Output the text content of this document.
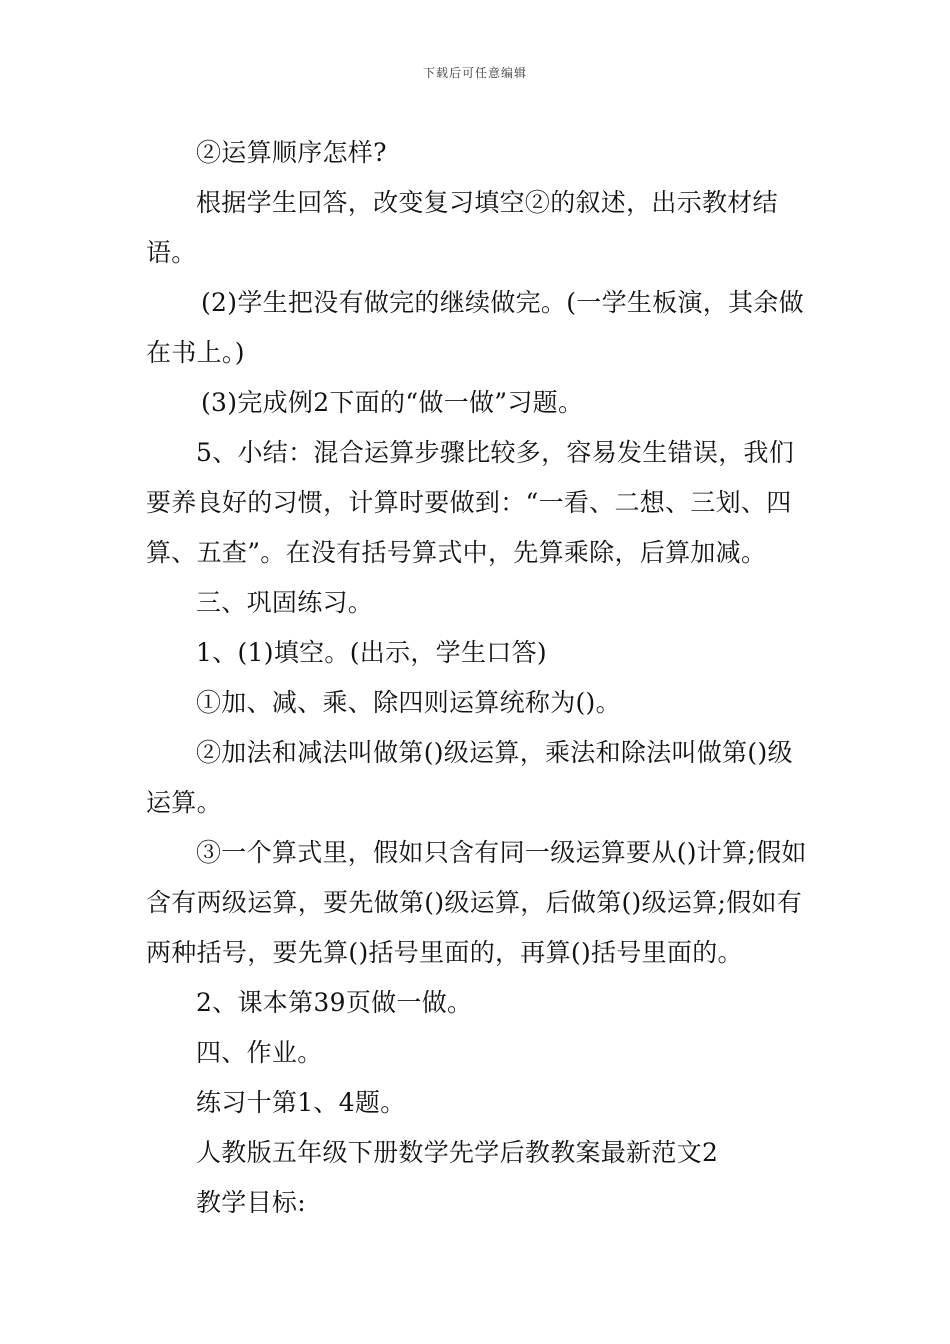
下载后可任意编辑

②运算顺序怎样?

根据学生回答，改变复习填空②的叙述，出示教材结语。

(2)学生把没有做完的继续做完。(一学生板演，其余做在书上。)

(3)完成例2下面的“做一做”习题。

5、小结：混合运算步骤比较多，容易发生错误，我们要养良好的习惯，计算时要做到：“一看、二想、三划、四算、五查”。在没有括号算式中，先算乘除，后算加减。

三、巩固练习。

1、(1)填空。(出示，学生口答)

①加、减、乘、除四则运算统称为()。

②加法和减法叫做第()级运算，乘法和除法叫做第()级运算。

③一个算式里，假如只含有同一级运算要从()计算;假如含有两级运算，要先做第()级运算，后做第()级运算;假如有两种括号，要先算()括号里面的，再算()括号里面的。

2、课本第39页做一做。

四、作业。

练习十第1、4题。

人教版五年级下册数学先学后教教案最新范文2

教学目标:
